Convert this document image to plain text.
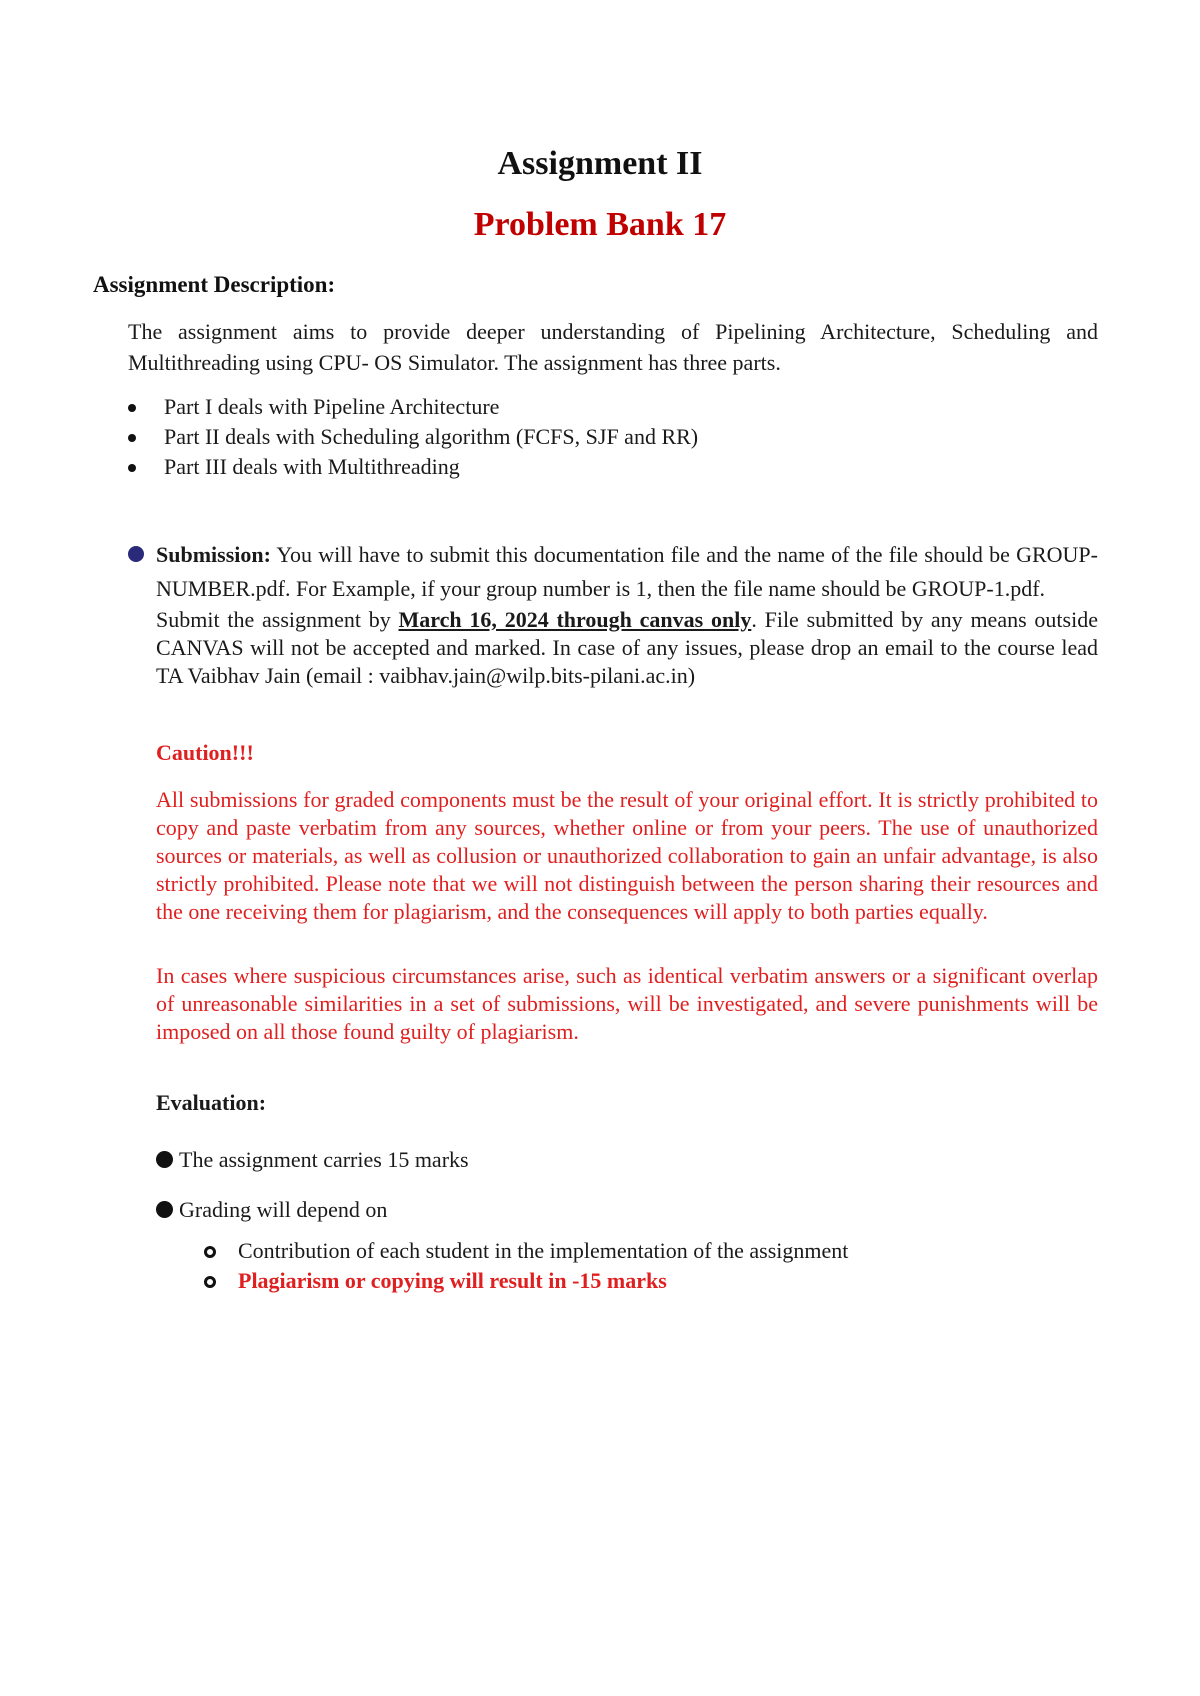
Assignment II
Problem Bank 17
Assignment Description:

The assignment aims to provide deeper understanding of Pipelining Architecture, Scheduling and Multithreading using CPU- OS Simulator. The assignment has three parts.

Part I deals with Pipeline Architecture
Part II deals with Scheduling algorithm (FCFS, SJF and RR)
Part III deals with Multithreading

Submission: You will have to submit this documentation file and the name of the file should be GROUP-NUMBER.pdf. For Example, if your group number is 1, then the file name should be GROUP-1.pdf.

Submit the assignment by March 16, 2024 through canvas only. File submitted by any means outside CANVAS will not be accepted and marked. In case of any issues, please drop an email to the course lead TA Vaibhav Jain (email : vaibhav.jain@wilp.bits-pilani.ac.in)

Caution!!!

All submissions for graded components must be the result of your original effort. It is strictly prohibited to copy and paste verbatim from any sources, whether online or from your peers. The use of unauthorized sources or materials, as well as collusion or unauthorized collaboration to gain an unfair advantage, is also strictly prohibited. Please note that we will not distinguish between the person sharing their resources and the one receiving them for plagiarism, and the consequences will apply to both parties equally.

In cases where suspicious circumstances arise, such as identical verbatim answers or a significant overlap of unreasonable similarities in a set of submissions, will be investigated, and severe punishments will be imposed on all those found guilty of plagiarism.

Evaluation:
The assignment carries 15 marks
Grading will depend on
Contribution of each student in the implementation of the assignment
Plagiarism or copying will result in -15 marks
